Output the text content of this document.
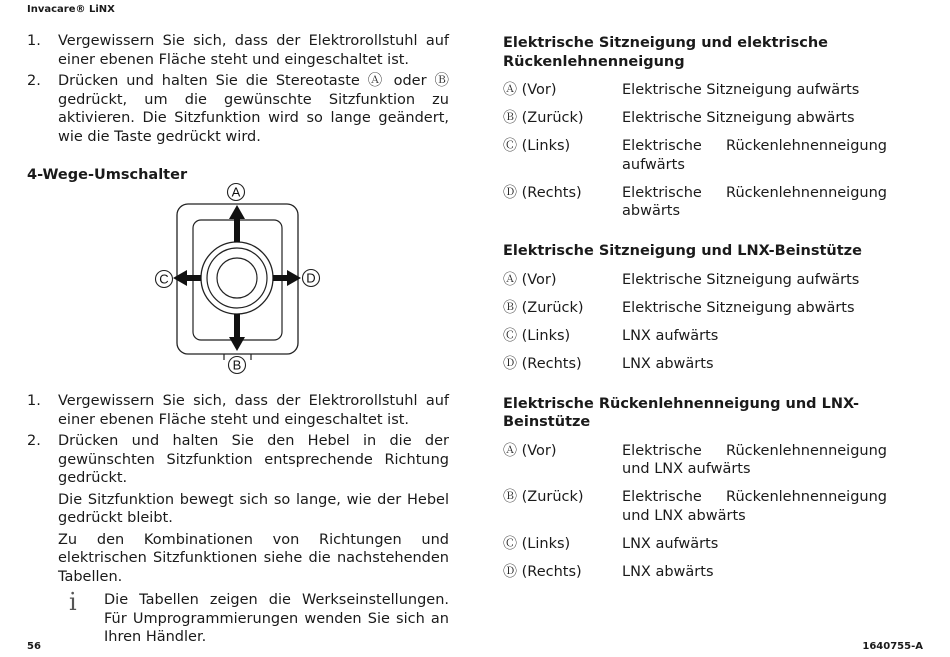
Invacare® LiNX
1.	Vergewissern Sie sich, dass der Elektrorollstuhl auf einer ebenen Fläche steht und eingeschaltet ist.

2.	Drücken und halten Sie die Stereotaste Ⓐ oder Ⓑ gedrückt, um die gewünschte Sitzfunktion zu aktivieren. Die Sitzfunktion wird so lange geändert, wie die Taste gedrückt wird.

4-Wege-Umschalter
A
B
C	D
1.	Vergewissern Sie sich, dass der Elektrorollstuhl auf einer ebenen Fläche steht und eingeschaltet ist.

2.	Drücken und halten Sie den Hebel in die der gewünschten Sitzfunktion entsprechende Richtung gedrückt.

Die Sitzfunktion bewegt sich so lange, wie der Hebel gedrückt bleibt.

Zu den Kombinationen von Richtungen und elektrischen Sitzfunktionen siehe die nachstehenden Tabellen.

ⅰ	Die Tabellen zeigen die Werkseinstellungen. Für Umprogrammierungen wenden Sie sich an Ihren Händler.
Elektrische Sitzneigung und elektrische Rückenlehnenneigung
Ⓐ (Vor)	Elektrische Sitzneigung aufwärts
Ⓑ (Zurück)	Elektrische Sitzneigung abwärts
Ⓒ (Links)	Elektrische Rückenlehnenneigung aufwärts
Ⓓ (Rechts)	Elektrische Rückenlehnenneigung abwärts
Elektrische Sitzneigung und LNX-Beinstütze
Ⓐ (Vor)	Elektrische Sitzneigung aufwärts
Ⓑ (Zurück)	Elektrische Sitzneigung abwärts
Ⓒ (Links)	LNX aufwärts
Ⓓ (Rechts)	LNX abwärts
Elektrische Rückenlehnenneigung und LNX-Beinstütze
Ⓐ (Vor)	Elektrische Rückenlehnenneigung und LNX aufwärts
Ⓑ (Zurück)	Elektrische Rückenlehnenneigung und LNX abwärts
Ⓒ (Links)	LNX aufwärts
Ⓓ (Rechts)	LNX abwärts
56	1640755-A
